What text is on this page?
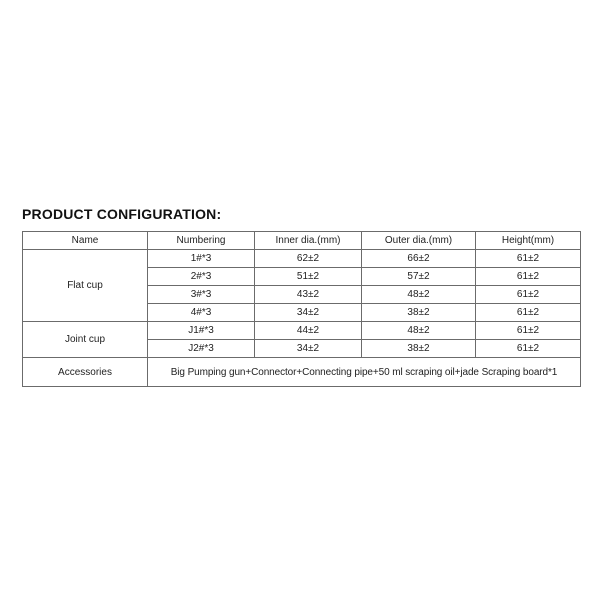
PRODUCT CONFIGURATION:
Name	Numbering	Inner dia.(mm)	Outer dia.(mm)	Height(mm)
Flat cup	1#*3	62±2	66±2	61±2
	2#*3	51±2	57±2	61±2
	3#*3	43±2	48±2	61±2
	4#*3	34±2	38±2	61±2
Joint cup	J1#*3	44±2	48±2	61±2
	J2#*3	34±2	38±2	61±2
Accessories	Big Pumping gun+Connector+Connecting pipe+50 ml scraping oil+jade Scraping board*1			
